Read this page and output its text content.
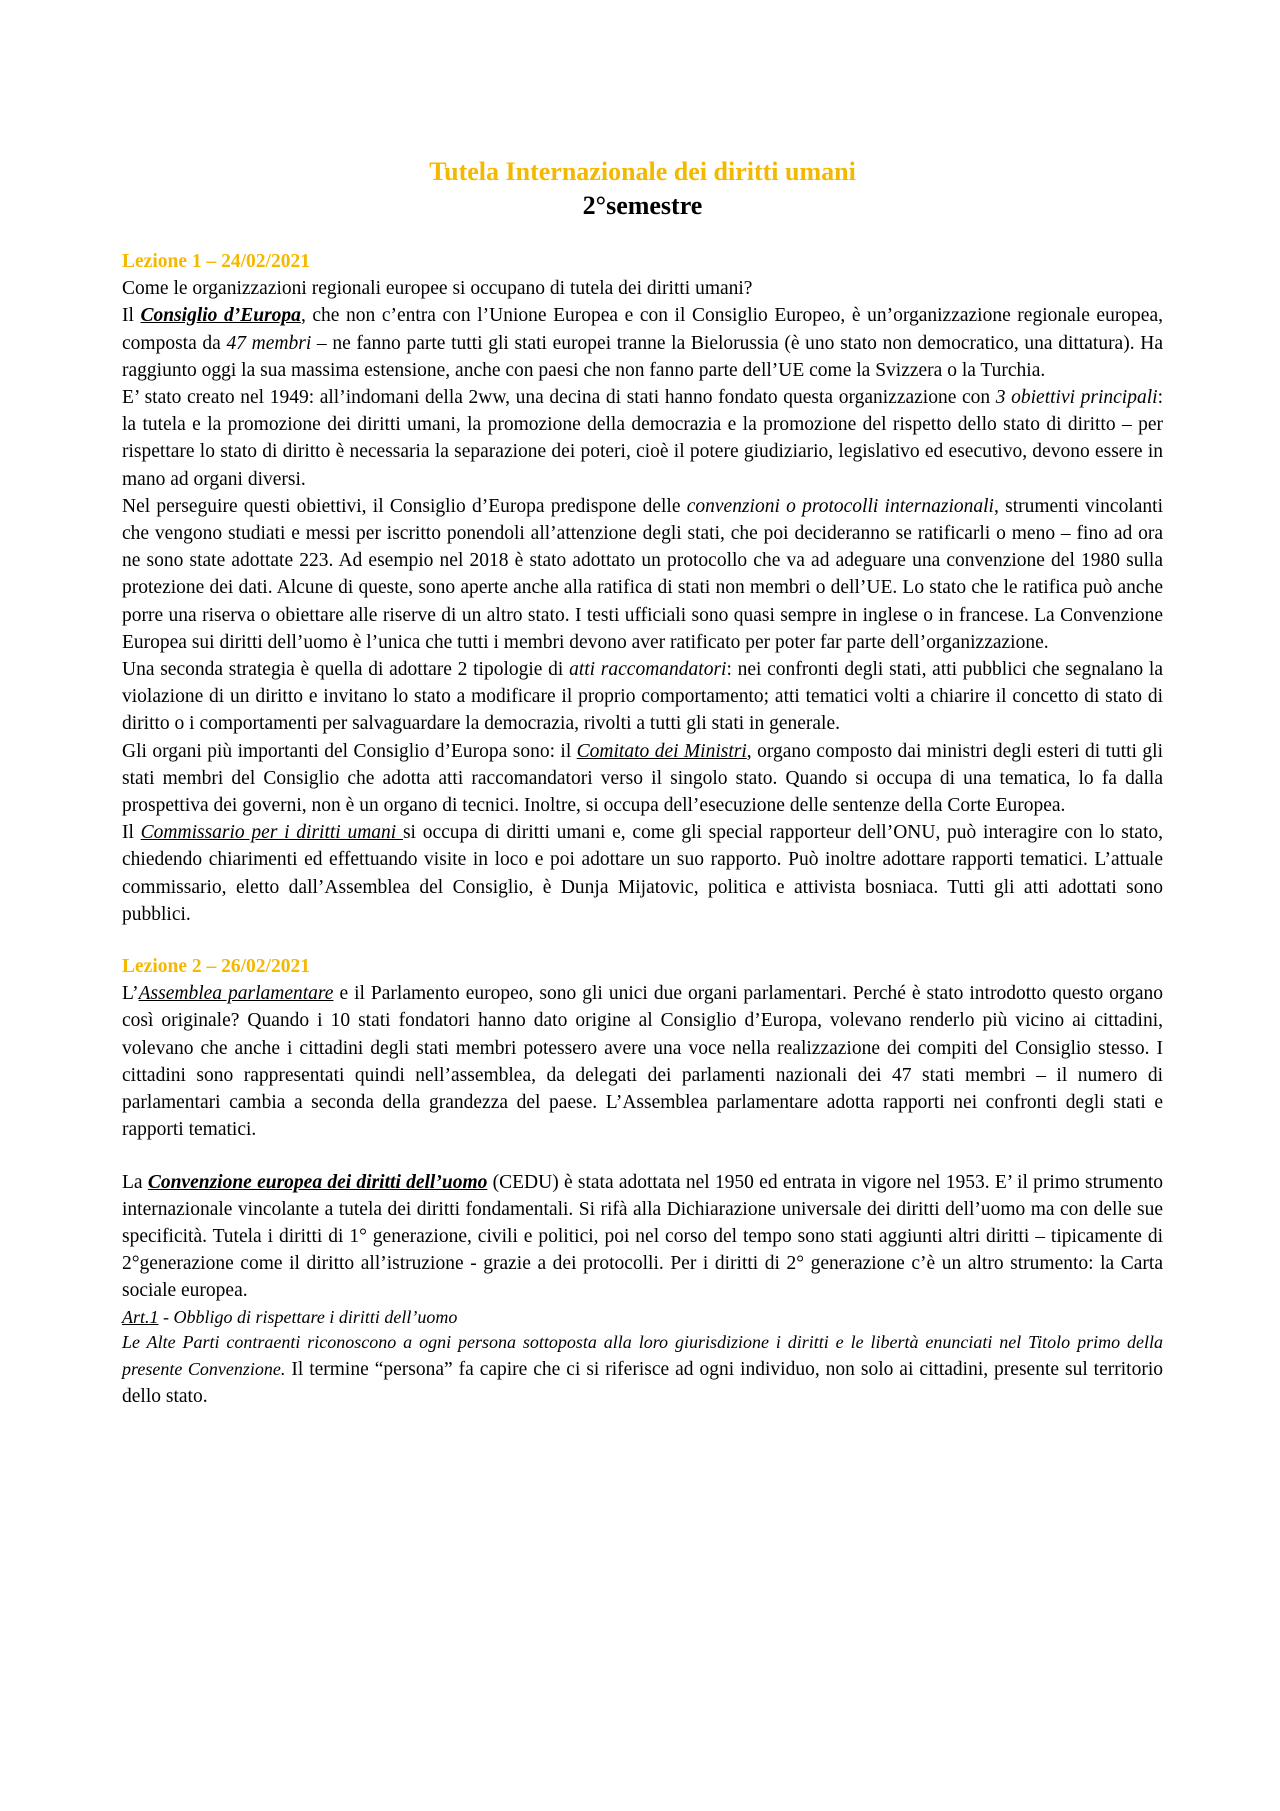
Tutela Internazionale dei diritti umani
2°semestre

Lezione 1 – 24/02/2021

Come le organizzazioni regionali europee si occupano di tutela dei diritti umani?

Il Consiglio d’Europa, che non c’entra con l’Unione Europea e con il Consiglio Europeo, è un’organizzazione regionale europea, composta da 47 membri – ne fanno parte tutti gli stati europei tranne la Bielorussia (è uno stato non democratico, una dittatura). Ha raggiunto oggi la sua massima estensione, anche con paesi che non fanno parte dell’UE come la Svizzera o la Turchia.

E’ stato creato nel 1949: all’indomani della 2ww, una decina di stati hanno fondato questa organizzazione con 3 obiettivi principali: la tutela e la promozione dei diritti umani, la promozione della democrazia e la promozione del rispetto dello stato di diritto – per rispettare lo stato di diritto è necessaria la separazione dei poteri, cioè il potere giudiziario, legislativo ed esecutivo, devono essere in mano ad organi diversi.

Nel perseguire questi obiettivi, il Consiglio d’Europa predispone delle convenzioni o protocolli internazionali, strumenti vincolanti che vengono studiati e messi per iscritto ponendoli all’attenzione degli stati, che poi decideranno se ratificarli o meno – fino ad ora ne sono state adottate 223. Ad esempio nel 2018 è stato adottato un protocollo che va ad adeguare una convenzione del 1980 sulla protezione dei dati. Alcune di queste, sono aperte anche alla ratifica di stati non membri o dell’UE. Lo stato che le ratifica può anche porre una riserva o obiettare alle riserve di un altro stato. I testi ufficiali sono quasi sempre in inglese o in francese. La Convenzione Europea sui diritti dell’uomo è l’unica che tutti i membri devono aver ratificato per poter far parte dell’organizzazione.

Una seconda strategia è quella di adottare 2 tipologie di atti raccomandatori: nei confronti degli stati, atti pubblici che segnalano la violazione di un diritto e invitano lo stato a modificare il proprio comportamento; atti tematici volti a chiarire il concetto di stato di diritto o i comportamenti per salvaguardare la democrazia, rivolti a tutti gli stati in generale.

Gli organi più importanti del Consiglio d’Europa sono: il Comitato dei Ministri, organo composto dai ministri degli esteri di tutti gli stati membri del Consiglio che adotta atti raccomandatori verso il singolo stato. Quando si occupa di una tematica, lo fa dalla prospettiva dei governi, non è un organo di tecnici. Inoltre, si occupa dell’esecuzione delle sentenze della Corte Europea.

Il Commissario per i diritti umani si occupa di diritti umani e, come gli special rapporteur dell’ONU, può interagire con lo stato, chiedendo chiarimenti ed effettuando visite in loco e poi adottare un suo rapporto. Può inoltre adottare rapporti tematici. L’attuale commissario, eletto dall’Assemblea del Consiglio, è Dunja Mijatovic, politica e attivista bosniaca. Tutti gli atti adottati sono pubblici.

Lezione 2 – 26/02/2021

L’Assemblea parlamentare e il Parlamento europeo, sono gli unici due organi parlamentari. Perché è stato introdotto questo organo così originale? Quando i 10 stati fondatori hanno dato origine al Consiglio d’Europa, volevano renderlo più vicino ai cittadini, volevano che anche i cittadini degli stati membri potessero avere una voce nella realizzazione dei compiti del Consiglio stesso. I cittadini sono rappresentati quindi nell’assemblea, da delegati dei parlamenti nazionali dei 47 stati membri – il numero di parlamentari cambia a seconda della grandezza del paese. L’Assemblea parlamentare adotta rapporti nei confronti degli stati e rapporti tematici.

La Convenzione europea dei diritti dell’uomo (CEDU) è stata adottata nel 1950 ed entrata in vigore nel 1953. E’ il primo strumento internazionale vincolante a tutela dei diritti fondamentali. Si rifà alla Dichiarazione universale dei diritti dell’uomo ma con delle sue specificità. Tutela i diritti di 1° generazione, civili e politici, poi nel corso del tempo sono stati aggiunti altri diritti – tipicamente di 2°generazione come il diritto all’istruzione - grazie a dei protocolli. Per i diritti di 2° generazione c’è un altro strumento: la Carta sociale europea.

Art.1 - Obbligo di rispettare i diritti dell’uomo

Le Alte Parti contraenti riconoscono a ogni persona sottoposta alla loro giurisdizione i diritti e le libertà enunciati nel Titolo primo della presente Convenzione. Il termine “persona” fa capire che ci si riferisce ad ogni individuo, non solo ai cittadini, presente sul territorio dello stato.
